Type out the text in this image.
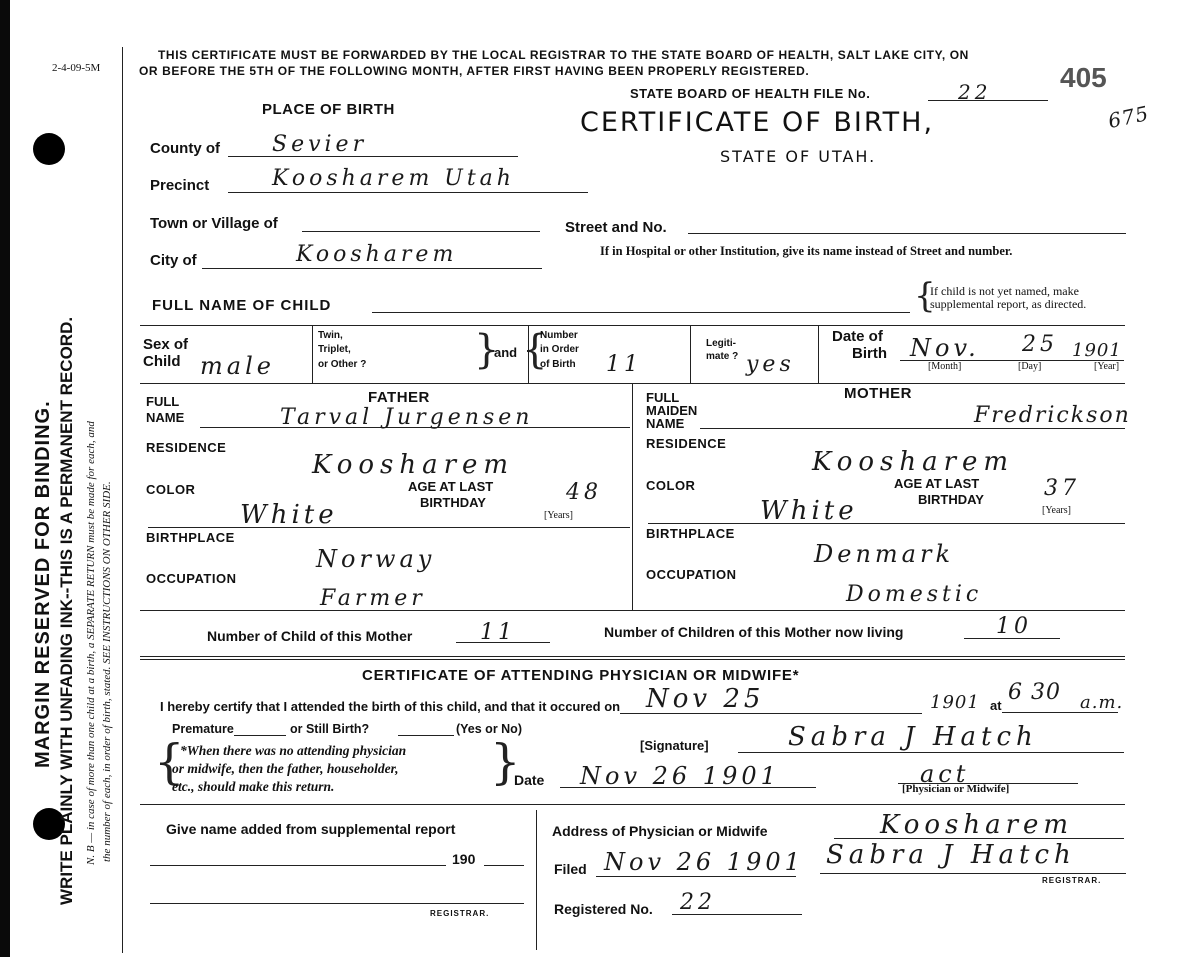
MARGIN RESERVED FOR BINDING. WRITE PLAINLY WITH UNFADING INK--THIS IS A PERMANENT RECORD. N. B — in case of more than one child at a birth, a SEPARATE RETURN must be made for each, and the number of each, in order of birth, stated. SEE INSTRUCTIONS ON OTHER SIDE.
2-4-09-5M
THIS CERTIFICATE MUST BE FORWARDED BY THE LOCAL REGISTRAR TO THE STATE BOARD OF HEALTH, SALT LAKE CITY, ON
OR BEFORE THE 5TH OF THE FOLLOWING MONTH, AFTER FIRST HAVING BEEN PROPERLY REGISTERED.
STATE BOARD OF HEALTH FILE No.	22 405
675
CERTIFICATE OF BIRTH,
STATE OF UTAH.
PLACE OF BIRTH
County of Sevier
Precinct	Koosharem Utah
Town or Village of	Street and No.
City of	Koosharem	If in Hospital or other Institution, give its name instead of Street and number.
FULL NAME OF CHILD	{
If child is not yet named, make
supplemental report, as directed.
Sex of
Child male
Twin,
Triplet,
or Other ?	}
and {
Number
in Order
of Birth 11
Legiti-
mate ? yes
Date of
Birth Nov. 25 1901
[Month]	[Day]	[Year]
FATHER
FULL
NAME	Tarval Jurgensen
RESIDENCE
Koosharem
COLOR
White
AGE AT LAST
BIRTHDAY	48
[Years]
BIRTHPLACE
Norway
OCCUPATION
Farmer
MOTHER
FULL
MAIDEN
NAME	Fredrickson
RESIDENCE
Koosharem
COLOR
White
AGE AT LAST
BIRTHDAY	37
[Years]
BIRTHPLACE
Denmark
OCCUPATION
Domestic
Number of Child of this Mother	11	Number of Children of this Mother now living	10
CERTIFICATE OF ATTENDING PHYSICIAN OR MIDWIFE*
I hereby certify that I attended the birth of this child, and that it occured on Nov 25	1901 at
6 30 a.m.
Premature	or Still Birth?	(Yes or No)
{
*When there was no attending physician
or midwife, then the father, householder,
etc., should make this return.	}	[Signature]	Sabra J Hatch
Date Nov 26 1901	act
[Physician or Midwife]
Give name added from supplemental report
190
REGISTRAR.
Address of Physician or Midwife	Koosharem
Filed Nov 26 1901 Sabra J Hatch
REGISTRAR.
Registered No. 22
